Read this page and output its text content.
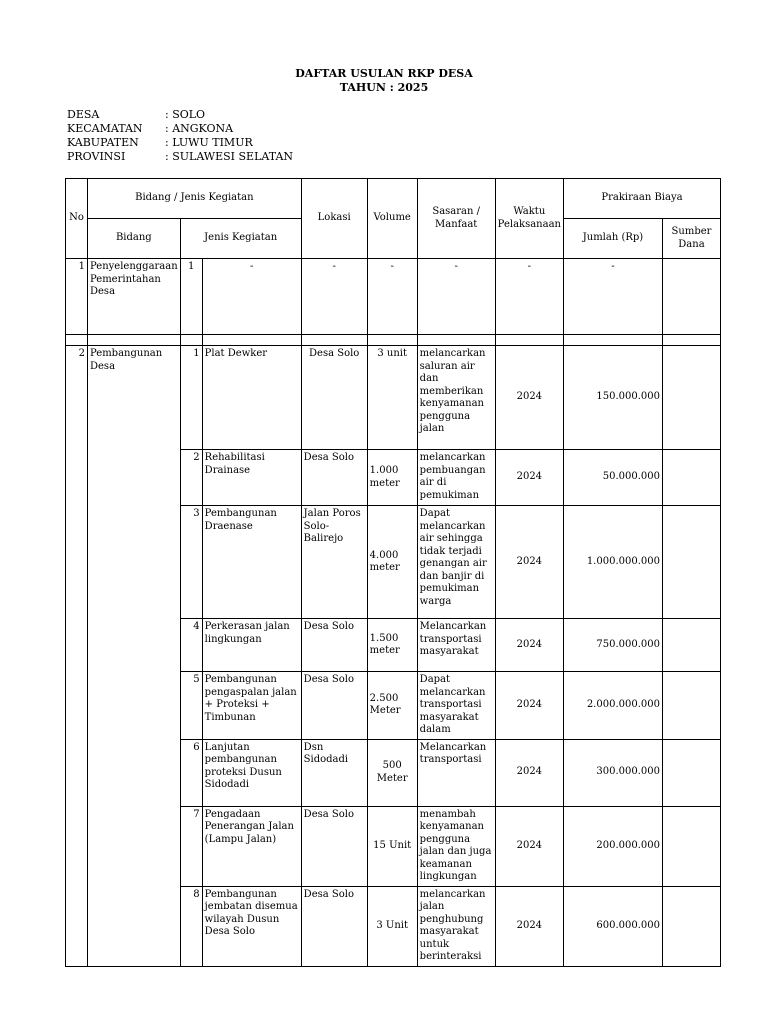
DAFTAR USULAN RKP DESA
TAHUN : 2025
DESA	: SOLO
KECAMATAN : ANGKONA
KABUPATEN : LUWU TIMUR
PROVINSI	: SULAWESI SELATAN
No	Bidang / Jenis Kegiatan			Lokasi	Volume	Sasaran / Manfaat	Waktu Pelaksanaan	Prakiraan Biaya	
	Bidang	Jenis Kegiatan						Jumlah (Rp)	Sumber Dana
1	Penyelenggaraan Pemerintahan Desa	1	-	-	-	-	-	-	

2	Pembangunan Desa	1	Plat Dewker	Desa Solo	3 unit	melancarkan saluran air dan memberikan kenyamanan pengguna jalan	2024	150.000.000	
		2	Rehabilitasi Drainase	Desa Solo	1.000 meter	melancarkan pembuangan air di pemukiman	2024	50.000.000	
		3	Pembangunan Draenase	Jalan Poros Solo-Balirejo	4.000 meter	Dapat melancarkan air sehingga tidak terjadi genangan air dan banjir di pemukiman warga	2024	1.000.000.000	
		4	Perkerasan jalan lingkungan	Desa Solo	1.500 meter	Melancarkan transportasi masyarakat	2024	750.000.000	
		5	Pembangunan pengaspalan jalan + Proteksi + Timbunan	Desa Solo	2.500 Meter	Dapat melancarkan transportasi masyarakat dalam	2024	2.000.000.000	
		6	Lanjutan pembangunan proteksi Dusun Sidodadi	Dsn Sidodadi	500 Meter	Melancarkan transportasi	2024	300.000.000	
		7	Pengadaan Penerangan Jalan (Lampu Jalan)	Desa Solo	15 Unit	menambah kenyamanan pengguna jalan dan juga keamanan lingkungan	2024	200.000.000	
		8	Pembangunan jembatan disemua wilayah Dusun Desa Solo	Desa Solo	3 Unit	melancarkan jalan penghubung masyarakat untuk berinteraksi	2024	600.000.000	
